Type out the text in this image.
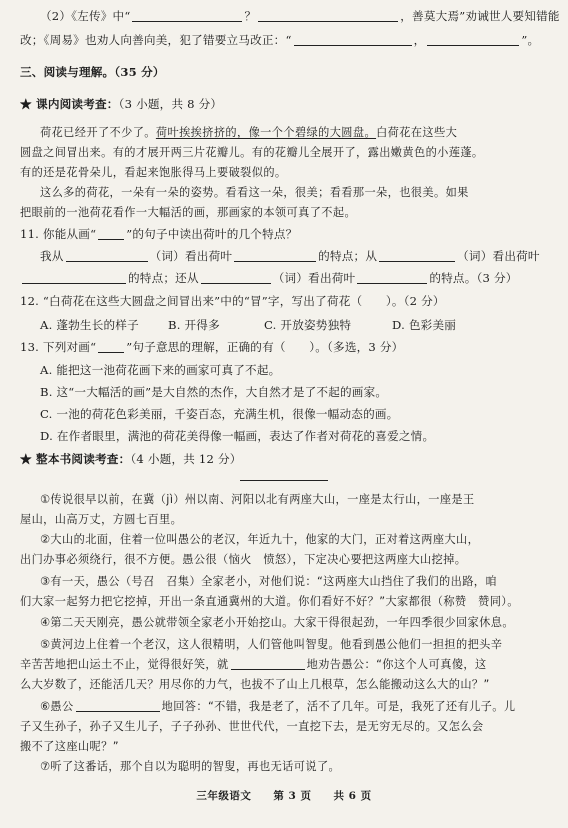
（2）《左传》中“	？	，善莫大焉”劝诫世人要知错能
改；《周易》也劝人向善向美，犯了错要立马改正：“	，	”。
三、阅读与理解。（35 分）
★ 课内阅读考查：（3 小题，共 8 分）
荷花已经开了不少了。荷叶挨挨挤挤的，像一个个碧绿的大圆盘。白荷花在这些大
圆盘之间冒出来。有的才展开两三片花瓣儿。有的花瓣儿全展开了，露出嫩黄色的小莲蓬。
有的还是花骨朵儿，看起来饱胀得马上要破裂似的。
这么多的荷花，一朵有一朵的姿势。看看这一朵，很美；看看那一朵，也很美。如果
把眼前的一池荷花看作一大幅活的画，那画家的本领可真了不起。
11. 你能从画“	”的句子中读出荷叶的几个特点？
我从	（词）看出荷叶	的特点；从	（词）看出荷叶
的特点；还从	（词）看出荷叶	的特点。（3 分）
12. “白荷花在这些大圆盘之间冒出来”中的“冒”字，写出了荷花（　　）。（2 分）
A. 蓬勃生长的样子	B. 开得多	C. 开放姿势独特	D. 色彩美丽
13. 下列对画“	”句子意思的理解，正确的有（　　）。（多选，3 分）
A. 能把这一池荷花画下来的画家可真了不起。
B. 这“一大幅活的画”是大自然的杰作，大自然才是了不起的画家。
C. 一池的荷花色彩美丽，千姿百态，充满生机，很像一幅动态的画。
D. 在作者眼里，满池的荷花美得像一幅画，表达了作者对荷花的喜爱之情。
★ 整本书阅读考查：（4 小题，共 12 分）
①传说很早以前，在冀（jì）州以南、河阳以北有两座大山，一座是太行山，一座是王
屋山，山高万丈，方圆七百里。
②大山的北面，住着一位叫愚公的老汉，年近九十，他家的大门，正对着这两座大山，
出门办事必须绕行，很不方便。愚公很（恼火　愤怒），下定决心要把这两座大山挖掉。
③有一天，愚公（号召　召集）全家老小，对他们说：“这两座大山挡住了我们的出路，咱
们大家一起努力把它挖掉，开出一条直通冀州的大道。你们看好不好？”大家都很（称赞　赞同）。
④第二天天刚亮，愚公就带领全家老小开始挖山。大家干得很起劲，一年四季很少回家休息。
⑤黄河边上住着一个老汉，这人很精明，人们管他叫智叟。他看到愚公他们一担担的把头辛
辛苦苦地把山运土不止，觉得很好笑，就	地劝告愚公：“你这个人可真傻，这
么大岁数了，还能活几天？用尽你的力气，也拔不了山上几根草，怎么能搬动这么大的山？”
⑥愚公	地回答：“不错，我是老了，活不了几年。可是，我死了还有儿子。儿
子又生孙子，孙子又生儿子，子子孙孙、世世代代，一直挖下去，是无穷无尽的。又怎么会
搬不了这座山呢？”
⑦听了这番话，那个自以为聪明的智叟，再也无话可说了。
三年级语文　　第 3 页　　共 6 页
